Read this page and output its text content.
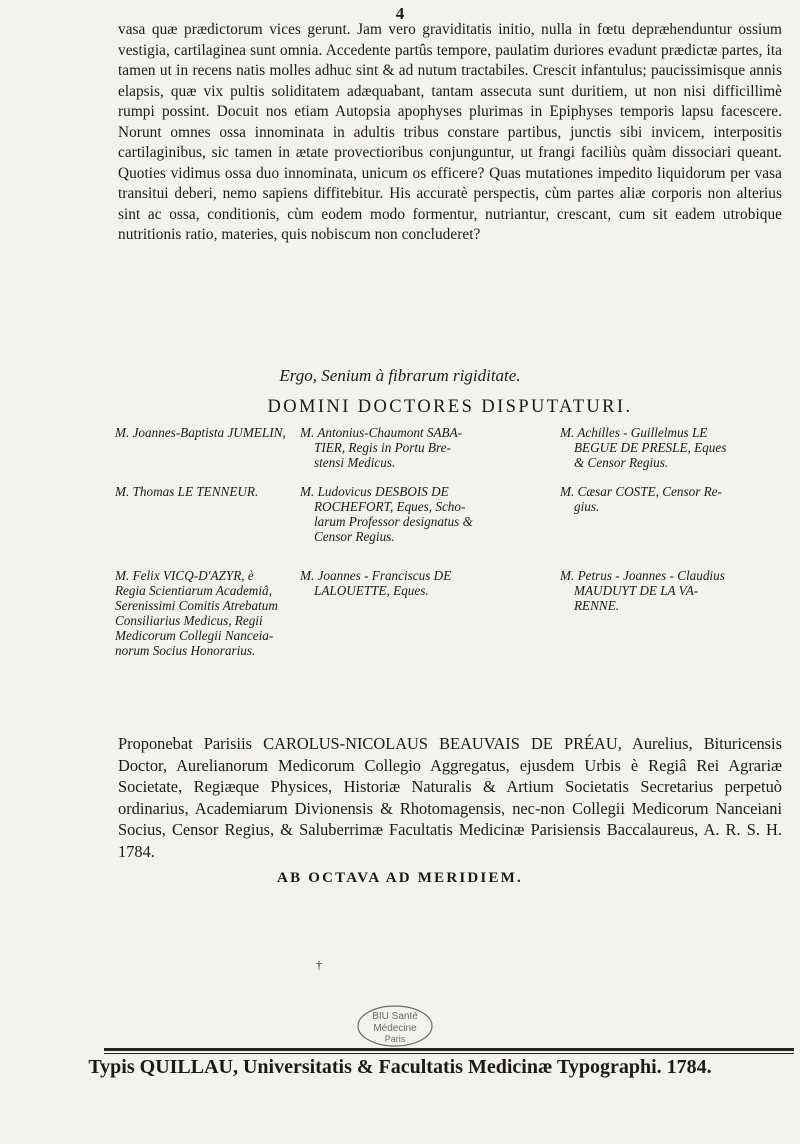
4

vasa quæ prædictorum vices gerunt. Jam vero graviditatis initio, nulla in fœtu depræhenduntur ossium vestigia, cartilaginea sunt omnia. Accedente partûs tempore, paulatim duriores evadunt prædictæ partes, ita tamen ut in recens natis molles adhuc sint & ad nutum tractabiles. Crescit infantulus; paucissimisque annis elapsis, quæ vix pultis soliditatem adæquabant, tantam assecuta sunt duritiem, ut non nisi difficillimè rumpi possint. Docuit nos etiam Autopsia apophyses plurimas in Epiphyses temporis lapsu facescere. Norunt omnes ossa innominata in adultis tribus constare partibus, junctis sibi invicem, interpositis cartilaginibus, sic tamen in ætate provectioribus conjunguntur, ut frangi faciliùs quàm dissociari queant. Quoties vidimus ossa duo innominata, unicum os efficere? Quas mutationes impedito liquidorum per vasa transitui deberi, nemo sapiens diffitebitur. His accuratè perspectis, cùm partes aliæ corporis non alterius sint ac ossa, conditionis, cùm eodem modo formentur, nutriantur, crescant, cum sit eadem utrobique nutritionis ratio, materies, quis nobiscum non concluderet?

Ergo, Senium à fibrarum rigiditate.
DOMINI DOCTORES DISPUTATURI.
M. Joannes-Baptista JUMELIN,
M. Thomas LE TENNEUR.
M. Felix VICQ-D'AZYR, è
Regia Scientiarum Academiâ,
Serenissimi Comitis Atrebatum
Consiliarius Medicus, Regii
Medicorum Collegii Nanceia-
norum Socius Honorarius.
M. Antonius-Chaumont SABA-
TIER, Regis in Portu Bre-
stensi Medicus.
M. Ludovicus DESBOIS DE
ROCHEFORT, Eques, Scho-
larum Professor designatus &
Censor Regius.
M. Joannes - Franciscus DE
LALOUETTE, Eques.
M. Achilles - Guillelmus LE
BEGUE DE PRESLE, Eques
& Censor Regius.
M. Cæsar COSTE, Censor Re-
gius.
M. Petrus - Joannes - Claudius
MAUDUYT DE LA VA-
RENNE.

Proponebat Parisiis CAROLUS-NICOLAUS BEAUVAIS DE PRÉAU, Aurelius, Bituricensis Doctor, Aurelianorum Medicorum Collegio Aggregatus, ejusdem Urbis è Regiâ Rei Agrariæ Societate, Regiæque Physices, Historiæ Naturalis & Artium Societatis Secretarius perpetuò ordinarius, Academiarum Divionensis & Rhotomagensis, nec-non Collegii Medicorum Nanceiani Socius, Censor Regius, & Saluberrimæ Facultatis Medicinæ Parisiensis Baccalaureus, A. R. S. H. 1784.

AB OCTAVA AD MERIDIEM.
†
BIU Santé
Médecine
Paris
Typis QUILLAU, Universitatis & Facultatis Medicinæ Typographi. 1784.
